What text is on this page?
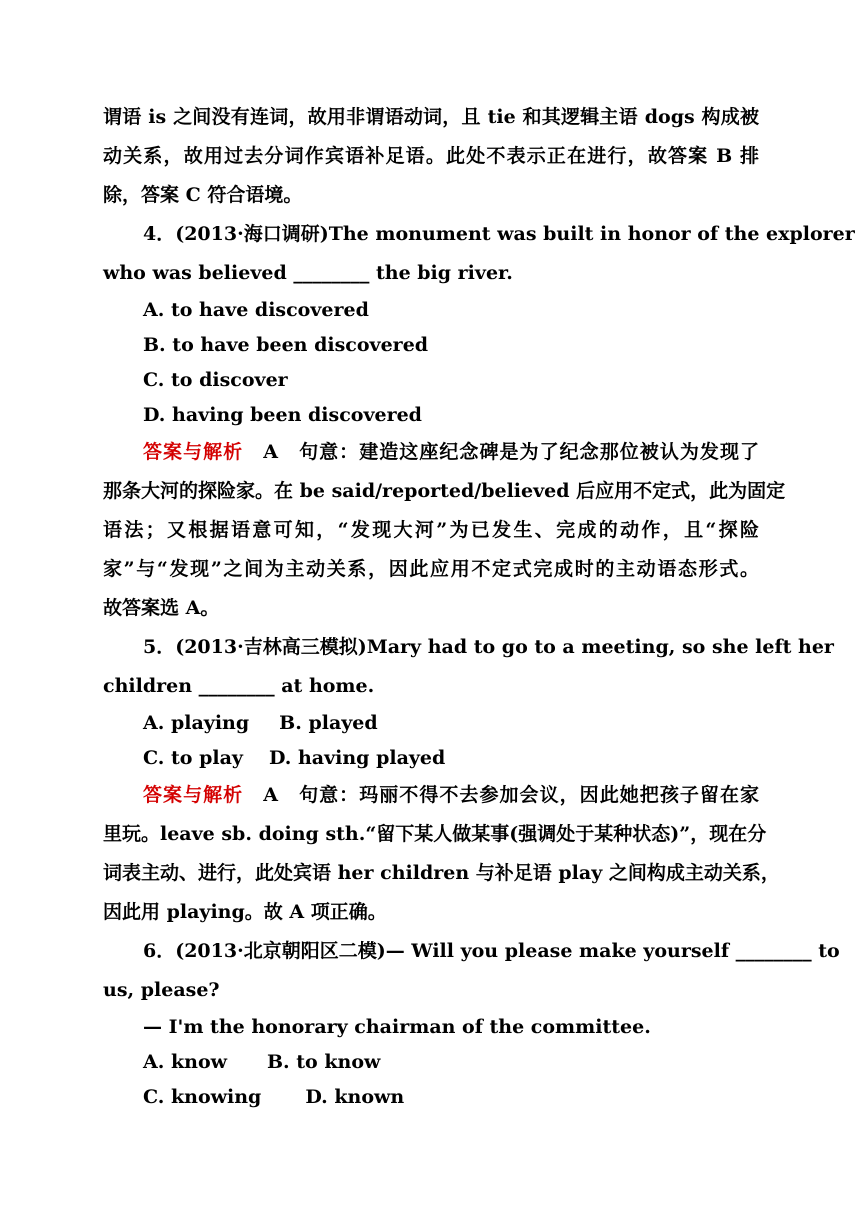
谓语 is 之间没有连词，故用非谓语动词，且 tie 和其逻辑主语 dogs 构成被
动关系，故用过去分词作宾语补足语。此处不表示正在进行，故答案 B 排
除，答案 C 符合语境。
4．(2013·海口调研)The monument was built in honor of the explorer
who was believed ________ the big river.
A. to have discovered
B. to have been discovered
C. to discover
D. having been discovered
答案与解析　 A　句意：建造这座纪念碑是为了纪念那位被认为发现了
那条大河的探险家。在 be said/reported/believed 后应用不定式，此为固定
语法；又根据语意可知，“发现大河”为已发生、完成的动作，且“探险
家”与“发现”之间为主动关系，因此应用不定式完成时的主动语态形式。
故答案选 A。
5．(2013·吉林高三模拟)Mary had to go to a meeting, so she left her
children ________ at home.
A. playing B. played
C. to play D. having played
答案与解析　 A　句意：玛丽不得不去参加会议，因此她把孩子留在家
里玩。leave sb. doing sth.“留下某人做某事(强调处于某种状态)”，现在分
词表主动、进行，此处宾语 her children 与补足语 play 之间构成主动关系，
因此用 playing。故 A 项正确。
6．(2013·北京朝阳区二模)— Will you please make yourself ________ to
us, please?
— I'm the honorary chairman of the committee.
A. know B. to know
C. knowing D. known
